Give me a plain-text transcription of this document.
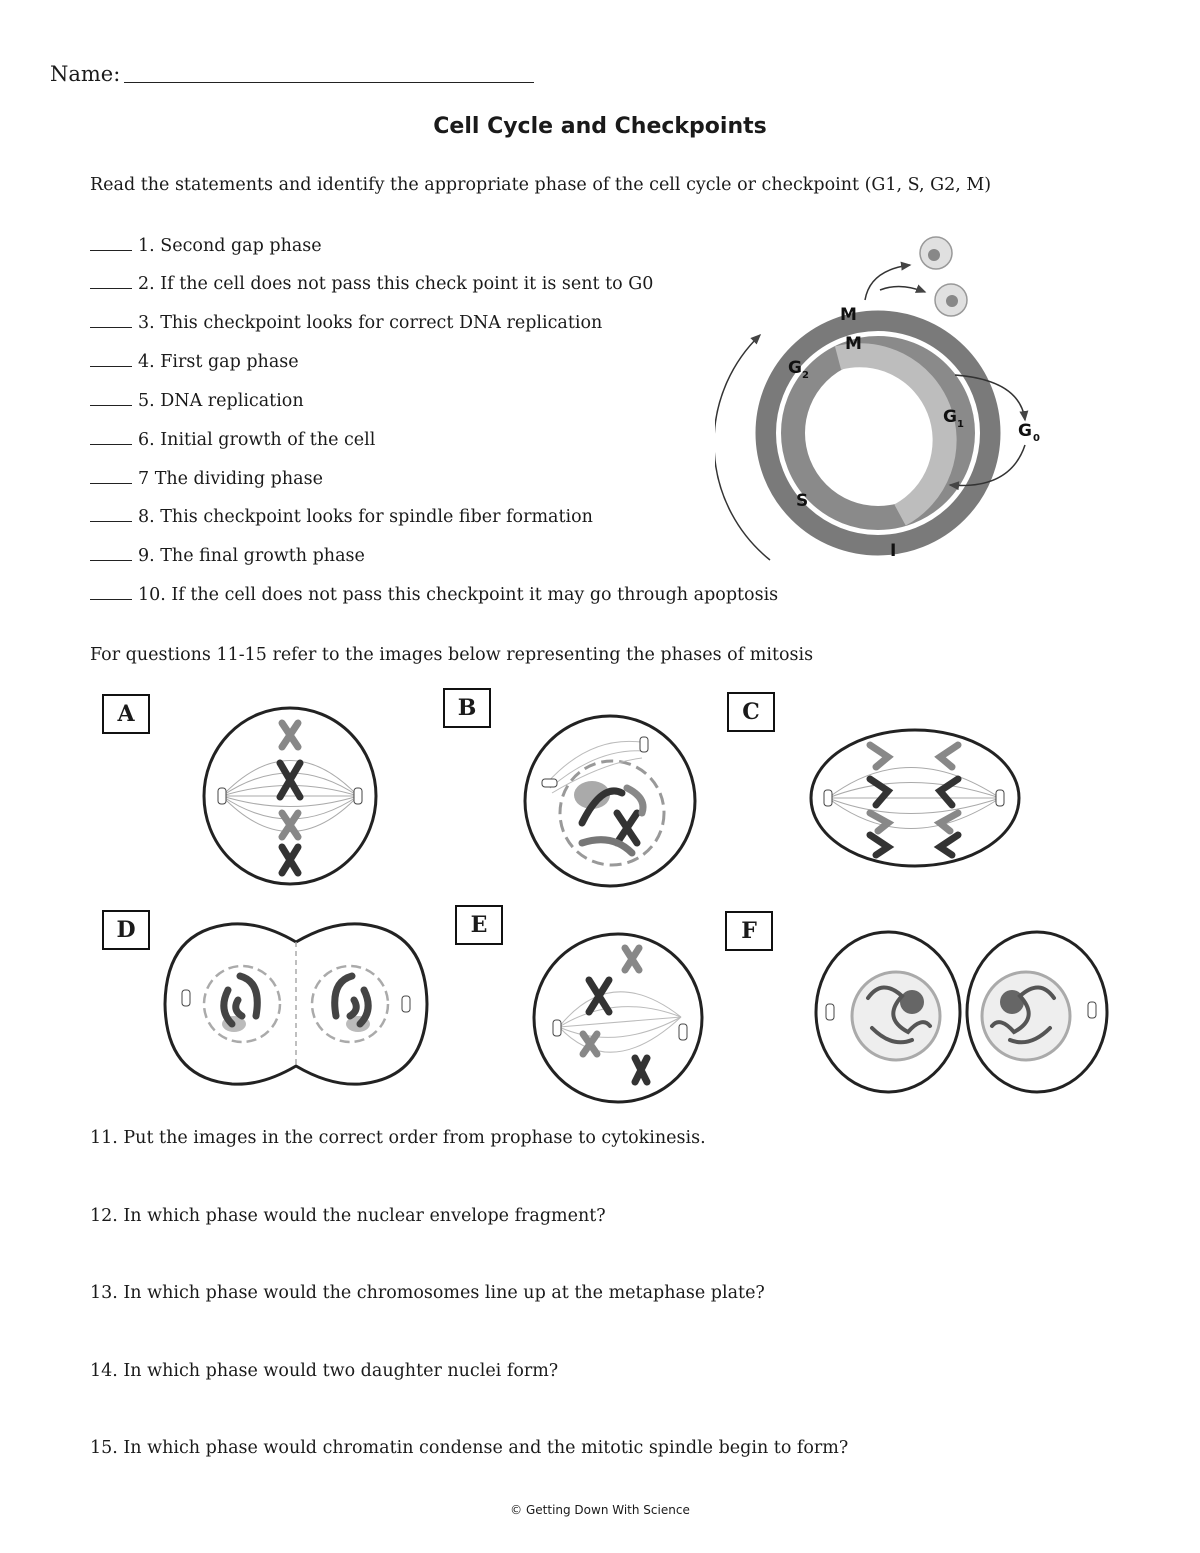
Name:
Cell Cycle and Checkpoints
Read the statements and identify the appropriate phase of the cell cycle or checkpoint (G1, S, G2, M)
1. Second gap phase
2. If the cell does not pass this check point it is sent to G0
3. This checkpoint looks for correct DNA replication
4. First gap phase
5. DNA replication
6. Initial growth of the cell
7 The dividing phase
8. This checkpoint looks for spindle fiber formation
9. The final growth phase
10. If the cell does not pass this checkpoint it may go through apoptosis
M
M
G 2
G 1	G 0
S
I
For questions 11-15 refer to the images below representing the phases of mitosis
A	B	C
D	E	F
11. Put the images in the correct order from prophase to cytokinesis.
12. In which phase would the nuclear envelope fragment?
13. In which phase would the chromosomes line up at the metaphase plate?
14. In which phase would two daughter nuclei form?
15. In which phase would chromatin condense and the mitotic spindle begin to form?
© Getting Down With Science
